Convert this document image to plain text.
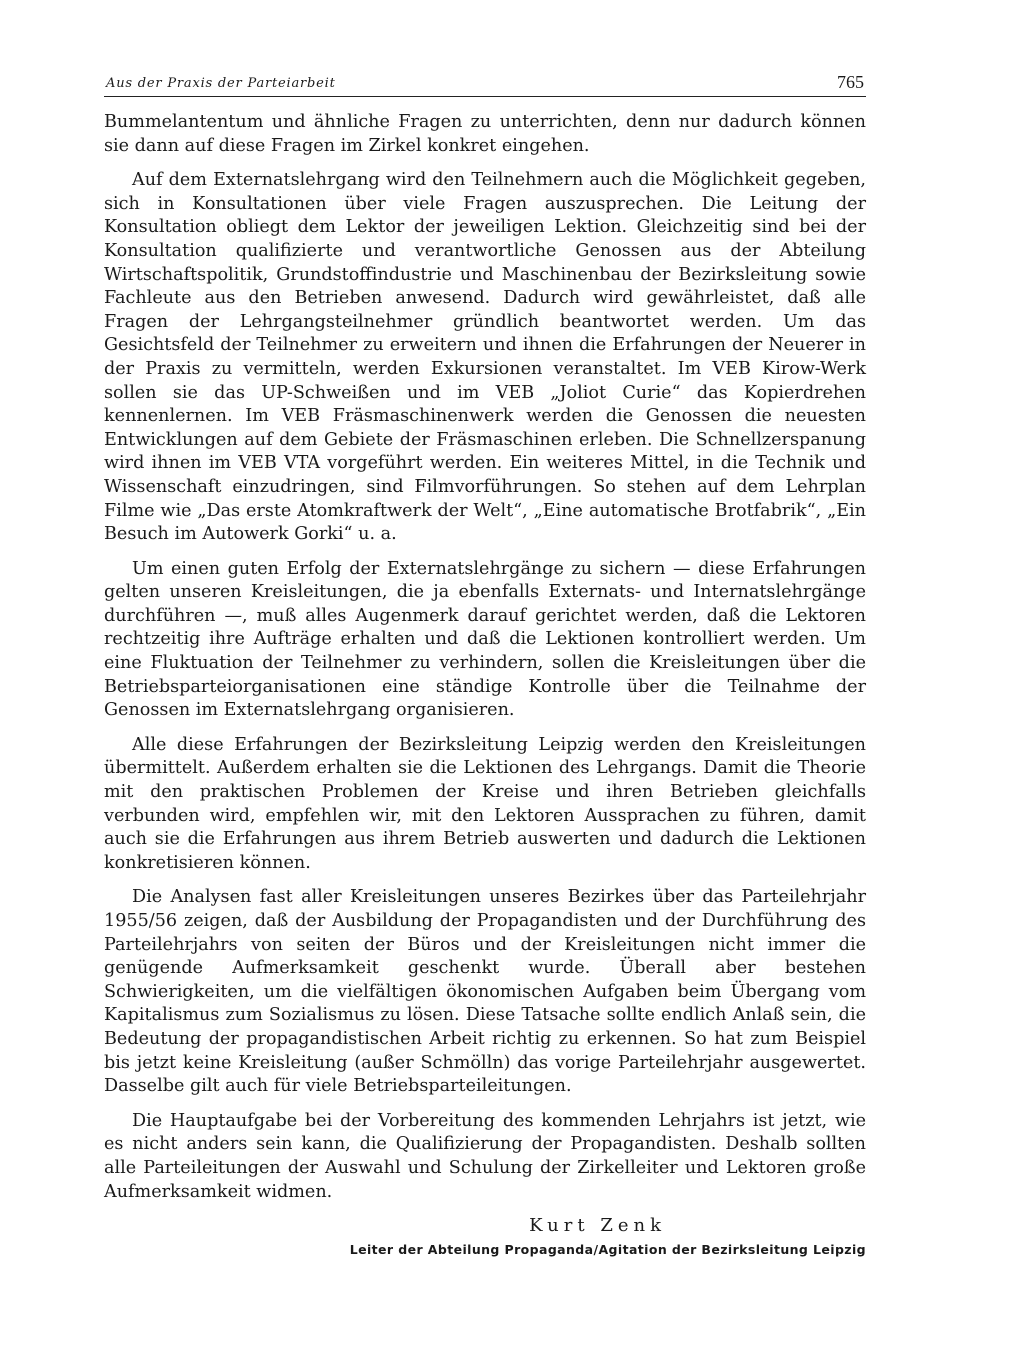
Aus der Praxis der Parteiarbeit	765

Bummelantentum und ähnliche Fragen zu unterrichten, denn nur dadurch können sie dann auf diese Fragen im Zirkel konkret eingehen.

Auf dem Externatslehrgang wird den Teilnehmern auch die Möglichkeit gegeben, sich in Konsultationen über viele Fragen auszusprechen. Die Leitung der Konsultation obliegt dem Lektor der jeweiligen Lektion. Gleichzeitig sind bei der Konsultation qualifizierte und verantwortliche Genossen aus der Abteilung Wirtschaftspolitik, Grundstoffindustrie und Maschinenbau der Bezirksleitung sowie Fachleute aus den Betrieben anwesend. Dadurch wird gewährleistet, daß alle Fragen der Lehrgangsteilnehmer gründlich beantwortet werden. Um das Gesichtsfeld der Teilnehmer zu erweitern und ihnen die Erfahrungen der Neuerer in der Praxis zu vermitteln, werden Exkursionen veranstaltet. Im VEB Kirow-Werk sollen sie das UP-Schweißen und im VEB „Joliot Curie“ das Kopierdrehen kennenlernen. Im VEB Fräsmaschinenwerk werden die Genossen die neuesten Entwicklungen auf dem Gebiete der Fräsmaschinen erleben. Die Schnellzerspanung wird ihnen im VEB VTA vorgeführt werden. Ein weiteres Mittel, in die Technik und Wissenschaft einzudringen, sind Filmvorführungen. So stehen auf dem Lehrplan Filme wie „Das erste Atomkraftwerk der Welt“, „Eine automatische Brotfabrik“, „Ein Besuch im Autowerk Gorki“ u. a.

Um einen guten Erfolg der Externatslehrgänge zu sichern — diese Erfahrungen gelten unseren Kreisleitungen, die ja ebenfalls Externats- und Internatslehrgänge durchführen —, muß alles Augenmerk darauf gerichtet werden, daß die Lektoren rechtzeitig ihre Aufträge erhalten und daß die Lektionen kontrolliert werden. Um eine Fluktuation der Teilnehmer zu verhindern, sollen die Kreisleitungen über die Betriebsparteiorganisationen eine ständige Kontrolle über die Teilnahme der Genossen im Externatslehrgang organisieren.

Alle diese Erfahrungen der Bezirksleitung Leipzig werden den Kreisleitungen übermittelt. Außerdem erhalten sie die Lektionen des Lehrgangs. Damit die Theorie mit den praktischen Problemen der Kreise und ihren Betrieben gleichfalls verbunden wird, empfehlen wir, mit den Lektoren Aussprachen zu führen, damit auch sie die Erfahrungen aus ihrem Betrieb auswerten und dadurch die Lektionen konkretisieren können.

Die Analysen fast aller Kreisleitungen unseres Bezirkes über das Parteilehrjahr 1955/56 zeigen, daß der Ausbildung der Propagandisten und der Durchführung des Parteilehrjahrs von seiten der Büros und der Kreisleitungen nicht immer die genügende Aufmerksamkeit geschenkt wurde. Überall aber bestehen Schwierigkeiten, um die vielfältigen ökonomischen Aufgaben beim Übergang vom Kapitalismus zum Sozialismus zu lösen. Diese Tatsache sollte endlich Anlaß sein, die Bedeutung der propagandistischen Arbeit richtig zu erkennen. So hat zum Beispiel bis jetzt keine Kreisleitung (außer Schmölln) das vorige Parteilehrjahr ausgewertet. Dasselbe gilt auch für viele Betriebsparteileitungen.

Die Hauptaufgabe bei der Vorbereitung des kommenden Lehrjahrs ist jetzt, wie es nicht anders sein kann, die Qualifizierung der Propagandisten. Deshalb sollten alle Parteileitungen der Auswahl und Schulung der Zirkelleiter und Lektoren große Aufmerksamkeit widmen.

Kurt Zenk
Leiter der Abteilung Propaganda/Agitation der Bezirksleitung Leipzig
